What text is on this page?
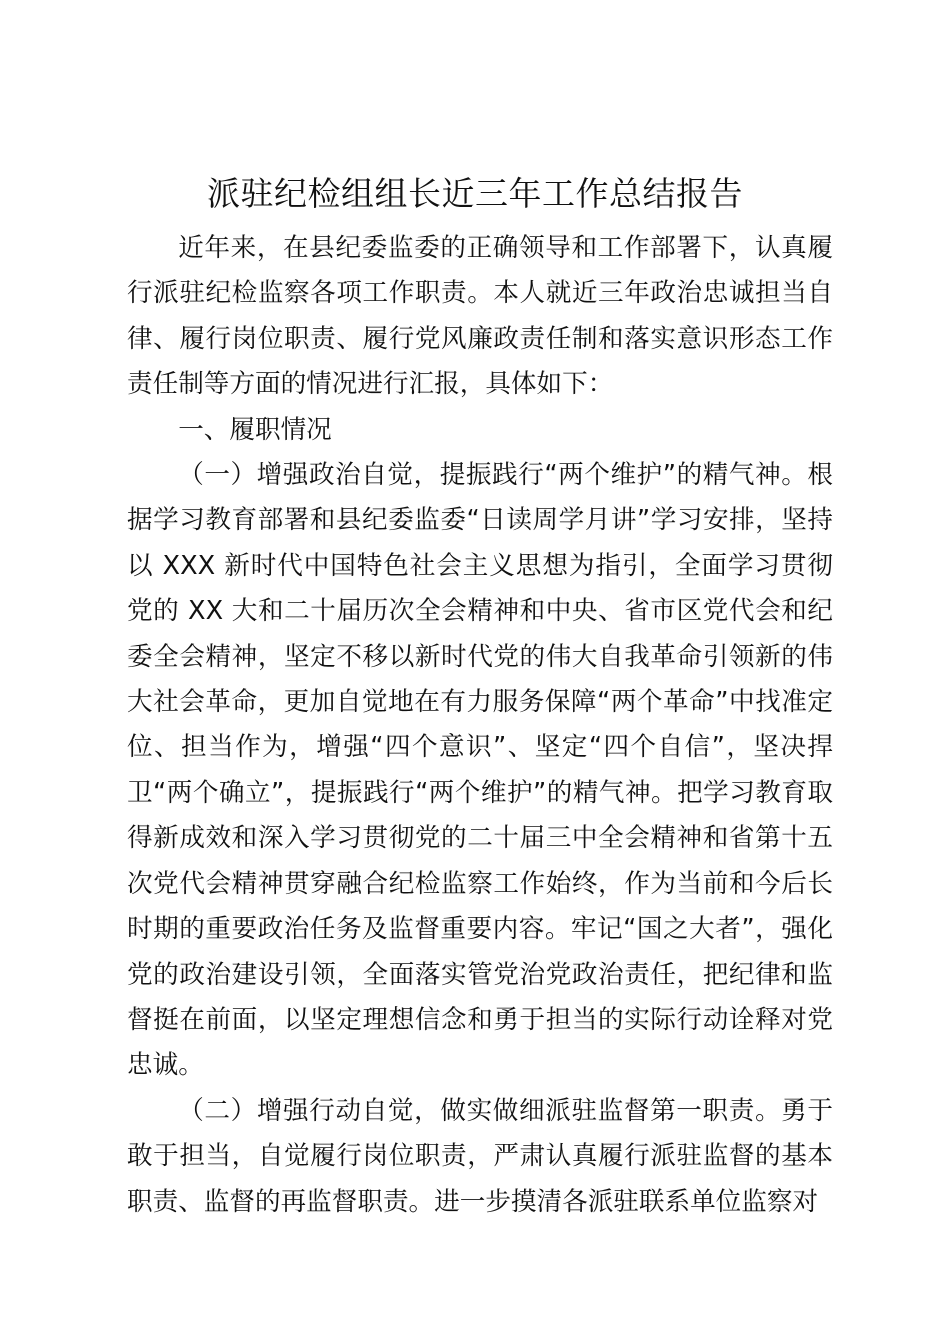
派驻纪检组组长近三年工作总结报告

近年来，在县纪委监委的正确领导和工作部署下，认真履行派驻纪检监察各项工作职责。本人就近三年政治忠诚担当自律、履行岗位职责、履行党风廉政责任制和落实意识形态工作责任制等方面的情况进行汇报，具体如下：

一、履职情况

（一）增强政治自觉，提振践行“两个维护”的精气神。根据学习教育部署和县纪委监委“日读周学月讲”学习安排，坚持以 XXX 新时代中国特色社会主义思想为指引，全面学习贯彻党的 XX 大和二十届历次全会精神和中央、省市区党代会和纪委全会精神，坚定不移以新时代党的伟大自我革命引领新的伟大社会革命，更加自觉地在有力服务保障“两个革命”中找准定位、担当作为，增强“四个意识”、坚定“四个自信”，坚决捍卫“两个确立”，提振践行“两个维护”的精气神。把学习教育取得新成效和深入学习贯彻党的二十届三中全会精神和省第十五次党代会精神贯穿融合纪检监察工作始终，作为当前和今后长时期的重要政治任务及监督重要内容。牢记“国之大者”，强化党的政治建设引领，全面落实管党治党政治责任，把纪律和监督挺在前面，以坚定理想信念和勇于担当的实际行动诠释对党忠诚。

（二）增强行动自觉，做实做细派驻监督第一职责。勇于敢于担当，自觉履行岗位职责，严肃认真履行派驻监督的基本职责、监督的再监督职责。进一步摸清各派驻联系单位监察对
